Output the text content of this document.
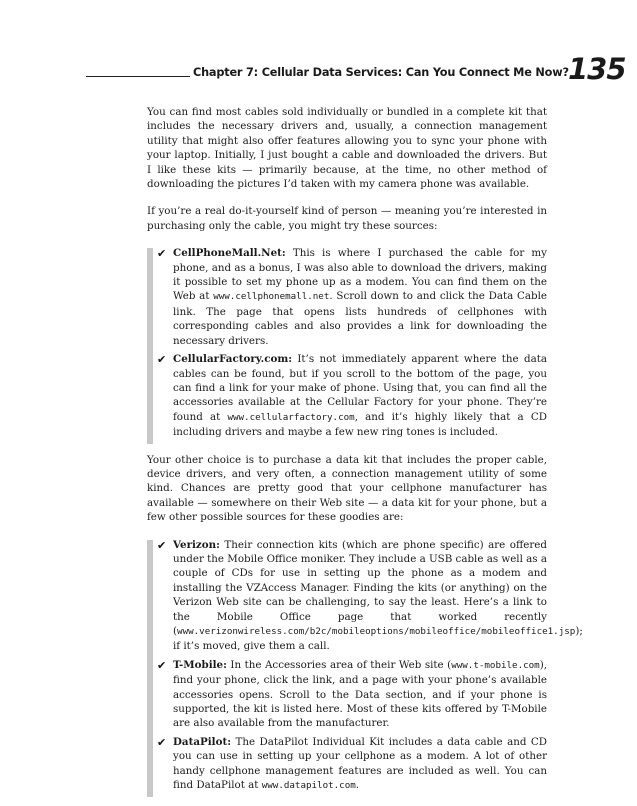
Chapter 7: Cellular Data Services: Can You Connect Me Now? 135

You can find most cables sold individually or bundled in a complete kit that includes the necessary drivers and, usually, a connection management utility that might also offer features allowing you to sync your phone with your laptop. Initially, I just bought a cable and downloaded the drivers. But I like these kits — primarily because, at the time, no other method of downloading the pictures I’d taken with my camera phone was available.

If you’re a real do-it-yourself kind of person — meaning you’re interested in purchasing only the cable, you might try these sources:

✔ CellPhoneMall.Net: This is where I purchased the cable for my phone, and as a bonus, I was also able to download the drivers, making it possible to set my phone up as a modem. You can find them on the Web at www.cellphonemall.net. Scroll down to and click the Data Cable link. The page that opens lists hundreds of cellphones with corresponding cables and also provides a link for downloading the necessary drivers.
✔ CellularFactory.com: It’s not immediately apparent where the data cables can be found, but if you scroll to the bottom of the page, you can find a link for your make of phone. Using that, you can find all the accessories available at the Cellular Factory for your phone. They’re found at www.cellularfactory.com, and it’s highly likely that a CD including drivers and maybe a few new ring tones is included.

Your other choice is to purchase a data kit that includes the proper cable, device drivers, and very often, a connection management utility of some kind. Chances are pretty good that your cellphone manufacturer has available — somewhere on their Web site — a data kit for your phone, but a few other possible sources for these goodies are:

✔ Verizon: Their connection kits (which are phone specific) are offered under the Mobile Office moniker. They include a USB cable as well as a couple of CDs for use in setting up the phone as a modem and installing the VZAccess Manager. Finding the kits (or anything) on the Verizon Web site can be challenging, to say the least. Here’s a link to the Mobile Office page that worked recently (www.verizonwireless.com/b2c/mobileoptions/mobileoffice/mobileoffice1.jsp); if it’s moved, give them a call.
✔ T-Mobile: In the Accessories area of their Web site (www.t-mobile.com), find your phone, click the link, and a page with your phone’s available accessories opens. Scroll to the Data section, and if your phone is supported, the kit is listed here. Most of these kits offered by T-Mobile are also available from the manufacturer.
✔ DataPilot: The DataPilot Individual Kit includes a data cable and CD you can use in setting up your cellphone as a modem. A lot of other handy cellphone management features are included as well. You can find DataPilot at www.datapilot.com.
